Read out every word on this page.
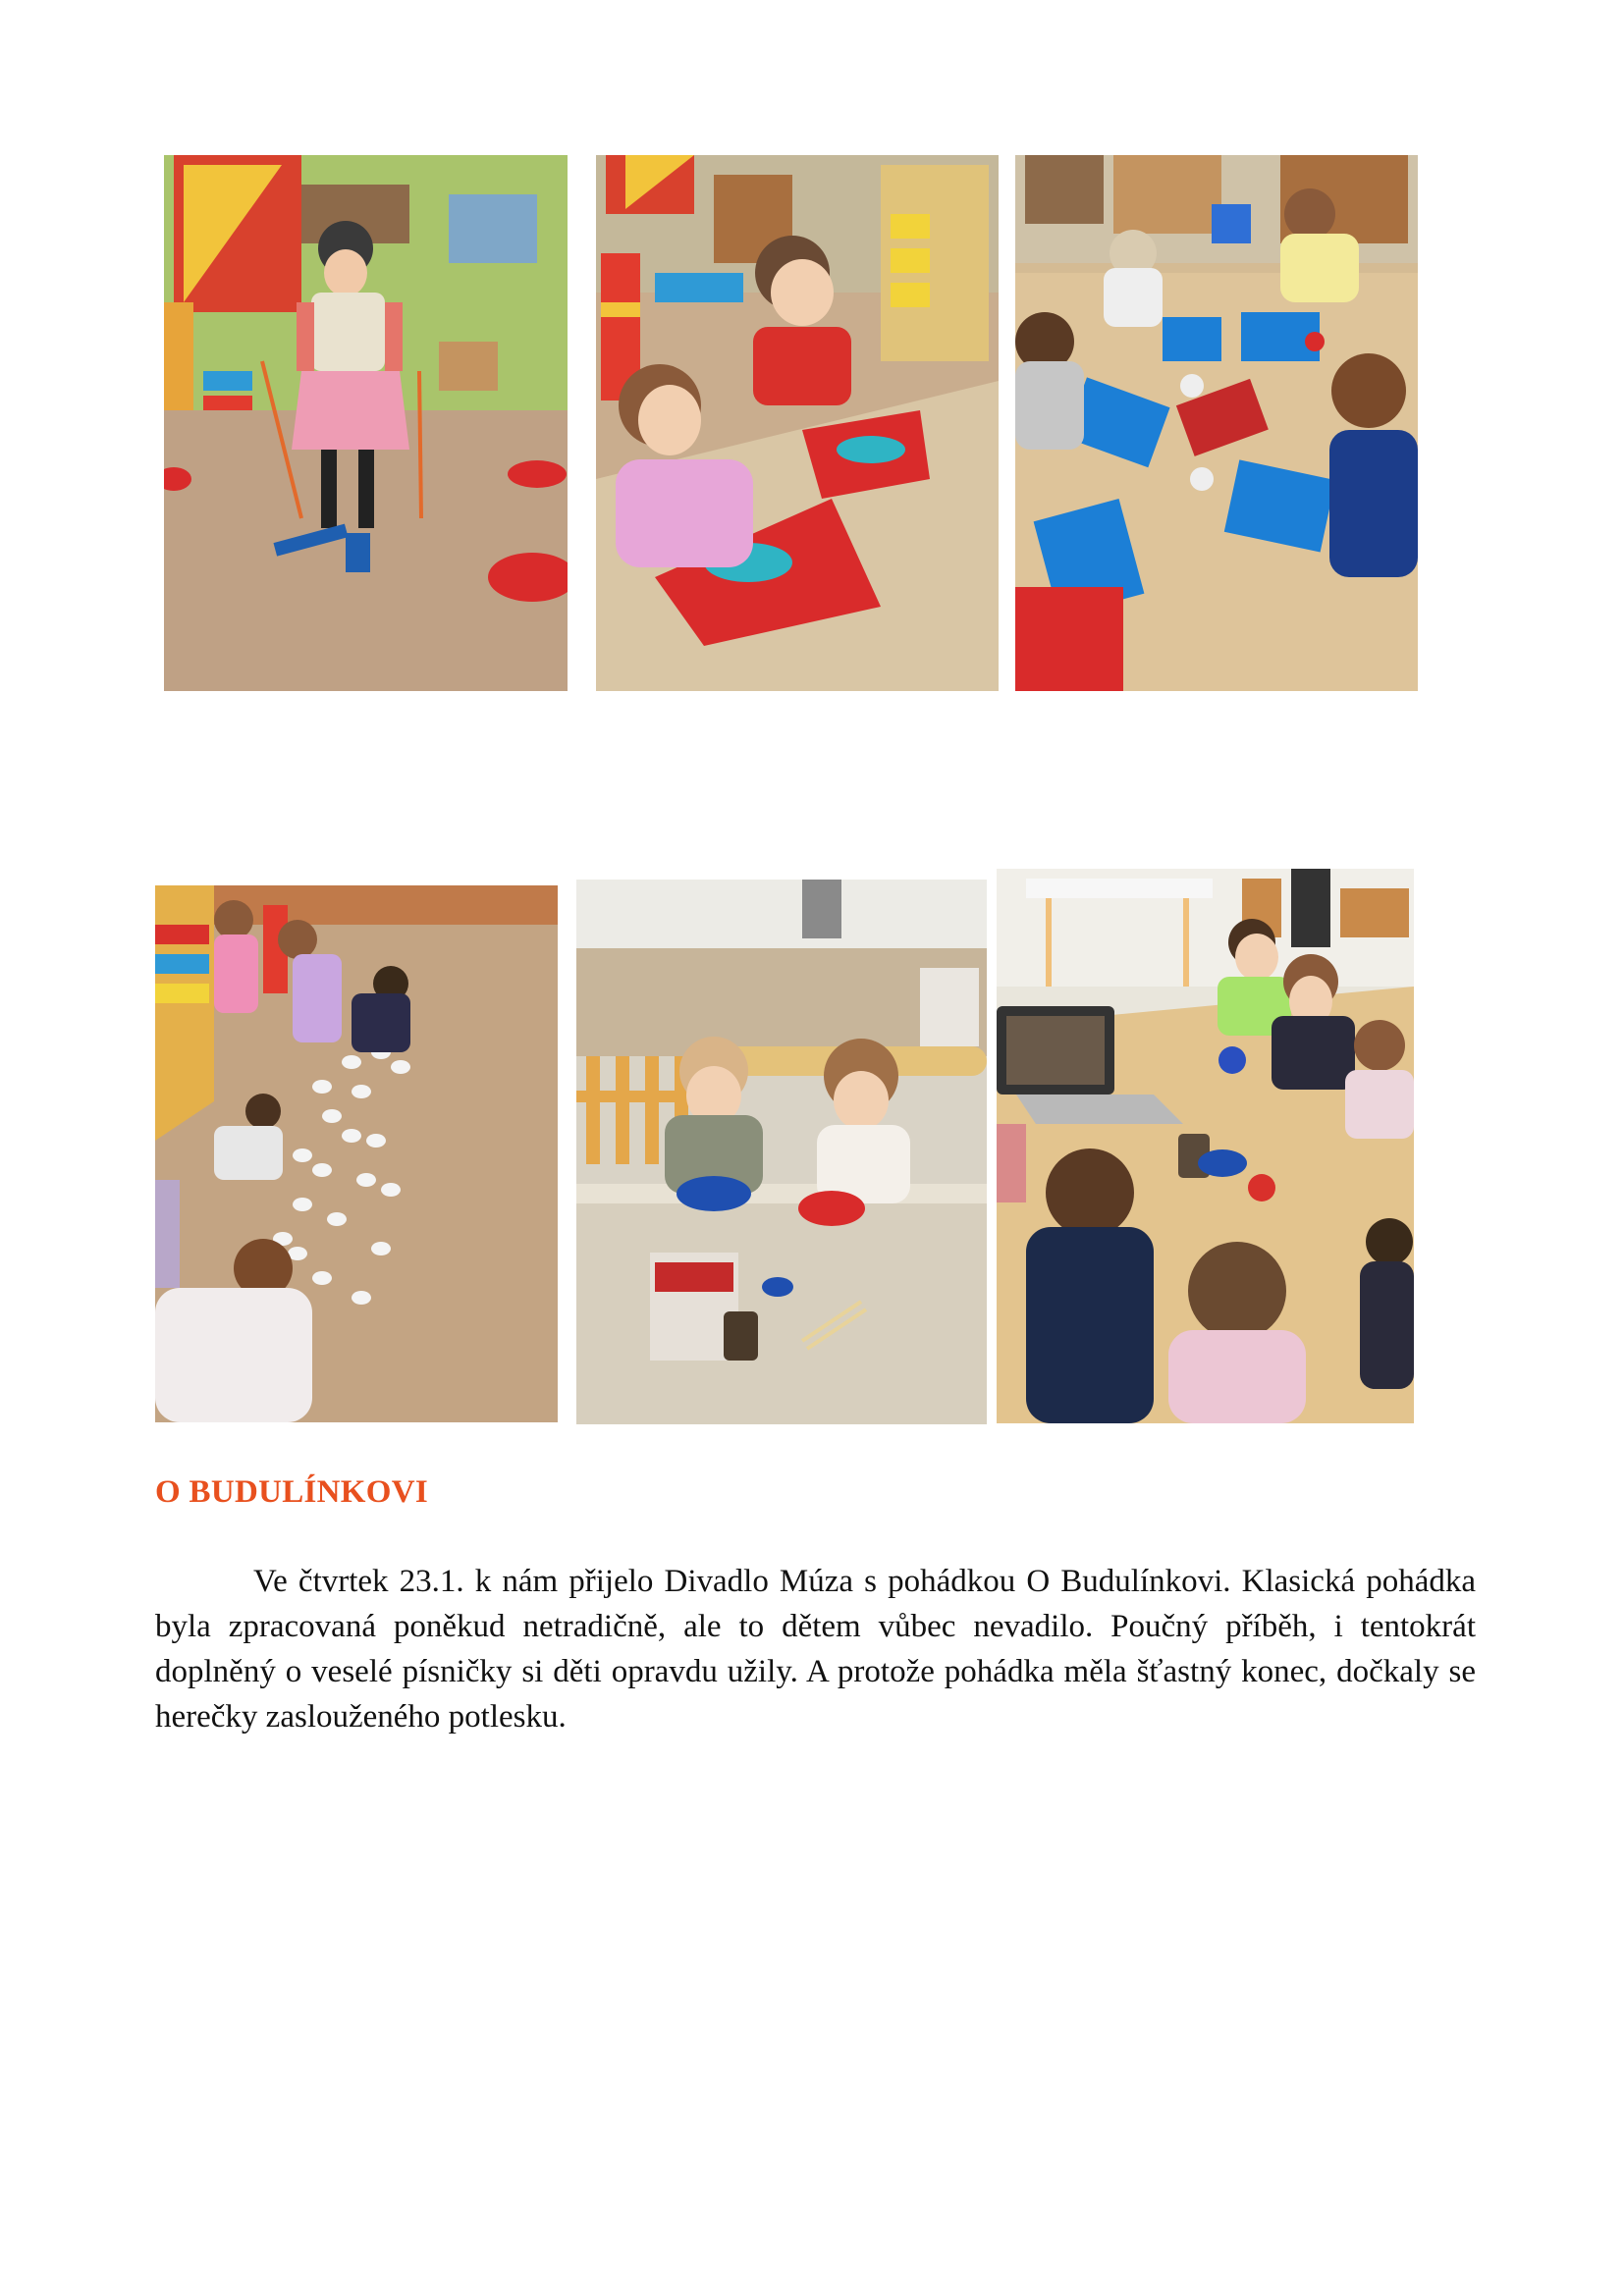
O BUDULÍNKOVI

Ve čtvrtek 23.1. k nám přijelo Divadlo Múza s pohádkou O Budulínkovi. Klasická pohádka byla zpracovaná poněkud netradičně, ale to dětem vůbec nevadilo. Poučný příběh, i tentokrát doplněný o veselé písničky si děti opravdu užily. A protože pohádka měla šťastný konec, dočkaly se herečky zaslouženého potlesku.
